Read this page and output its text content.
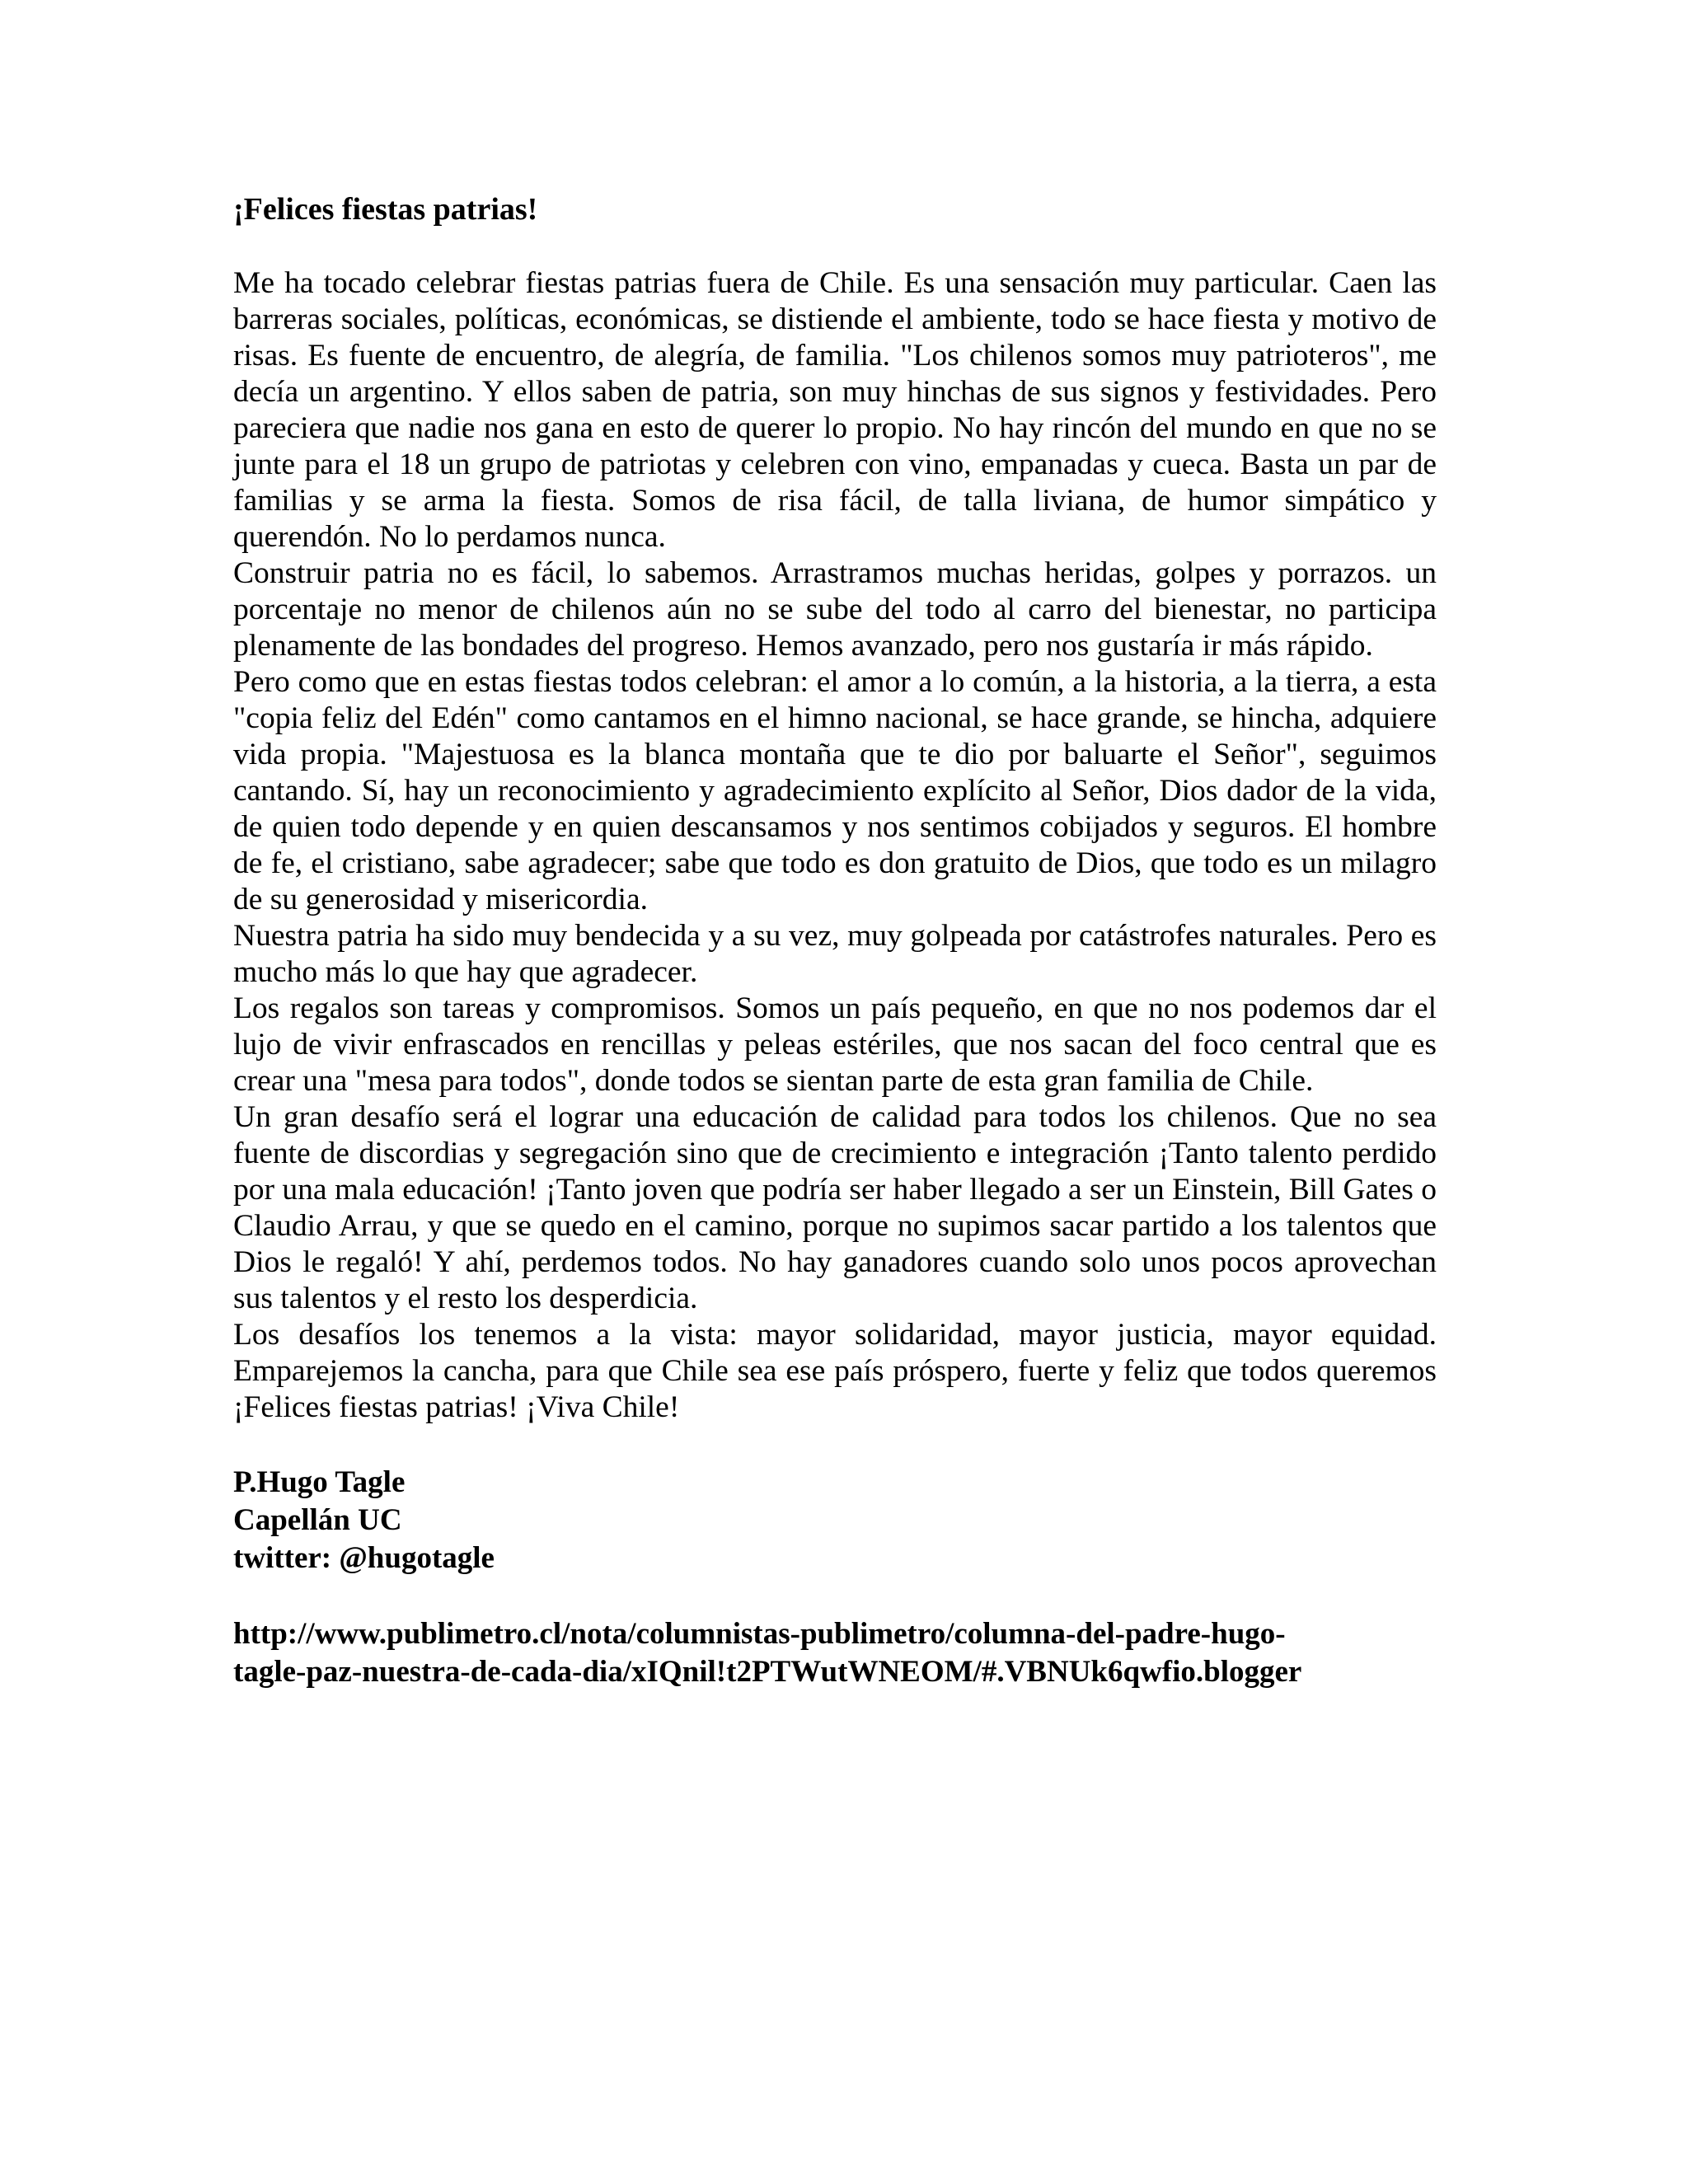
¡Felices fiestas patrias!

Me ha tocado celebrar fiestas patrias fuera de Chile. Es una sensación muy particular. Caen las barreras sociales, políticas, económicas, se distiende el ambiente, todo se hace fiesta y motivo de risas. Es fuente de encuentro, de alegría, de familia. "Los chilenos somos muy patrioteros", me decía un argentino. Y ellos saben de patria, son muy hinchas de sus signos y festividades. Pero pareciera que nadie nos gana en esto de querer lo propio. No hay rincón del mundo en que no se junte para el 18 un grupo de patriotas y celebren con vino, empanadas y cueca. Basta un par de familias y se arma la fiesta. Somos de risa fácil, de talla liviana, de humor simpático y querendón. No lo perdamos nunca.

Construir patria no es fácil, lo sabemos. Arrastramos muchas heridas, golpes y porrazos. un porcentaje no menor de chilenos aún no se sube del todo al carro del bienestar, no participa plenamente de las bondades del progreso. Hemos avanzado, pero nos gustaría ir más rápido.

Pero como que en estas fiestas todos celebran: el amor a lo común, a la historia, a la tierra, a esta "copia feliz del Edén" como cantamos en el himno nacional, se hace grande, se hincha, adquiere vida propia. "Majestuosa es la blanca montaña que te dio por baluarte el Señor", seguimos cantando. Sí, hay un reconocimiento y agradecimiento explícito al Señor, Dios dador de la vida, de quien todo depende y en quien descansamos y nos sentimos cobijados y seguros. El hombre de fe, el cristiano, sabe agradecer; sabe que todo es don gratuito de Dios, que todo es un milagro de su generosidad y misericordia.

Nuestra patria ha sido muy bendecida y a su vez, muy golpeada por catástrofes naturales. Pero es mucho más lo que hay que agradecer.

Los regalos son tareas y compromisos. Somos un país pequeño, en que no nos podemos dar el lujo de vivir enfrascados en rencillas y peleas estériles, que nos sacan del foco central que es crear una "mesa para todos", donde todos se sientan parte de esta gran familia de Chile.

Un gran desafío será el lograr una educación de calidad para todos los chilenos. Que no sea fuente de discordias y segregación sino que de crecimiento e integración ¡Tanto talento perdido por una mala educación! ¡Tanto joven que podría ser haber llegado a ser un Einstein, Bill Gates o Claudio Arrau, y que se quedo en el camino, porque no supimos sacar partido a los talentos que Dios le regaló! Y ahí, perdemos todos. No hay ganadores cuando solo unos pocos aprovechan sus talentos y el resto los desperdicia.

Los desafíos los tenemos a la vista: mayor solidaridad, mayor justicia, mayor equidad. Emparejemos la cancha, para que Chile sea ese país próspero, fuerte y feliz que todos queremos ¡Felices fiestas patrias! ¡Viva Chile!

P.Hugo Tagle
Capellán UC
twitter: @hugotagle
http://www.publimetro.cl/nota/columnistas-publimetro/columna-del-padre-hugo-
tagle-paz-nuestra-de-cada-dia/xIQnil!t2PTWutWNEOM/#.VBNUk6qwfio.blogger
